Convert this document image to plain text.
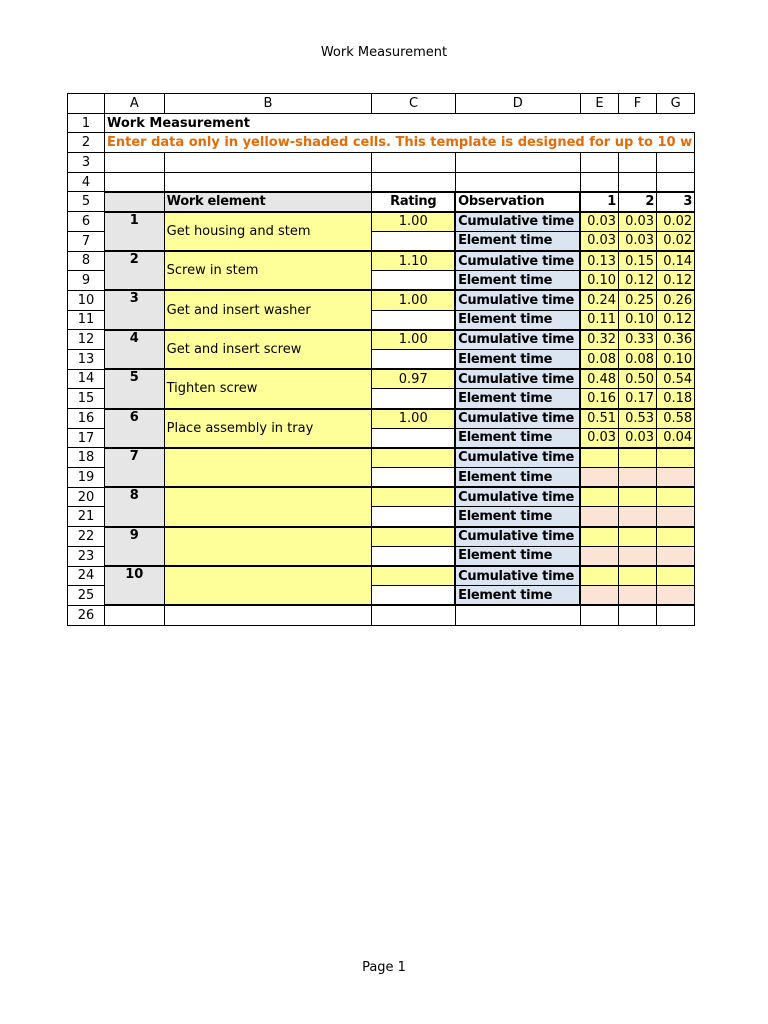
Work Measurement
	A	B	C	D	E	F	G
1	Work Measurement						
2	Enter data only in yellow-shaded cells. This template is designed for up to 10 w						
3							
4							
5		Work element	Rating	Observation	1	2	3
6	1	Get housing and stem	1.00	Cumulative time	0.03	0.03	0.02
7				Element time	0.03	0.03	0.02
8	2	Screw in stem	1.10	Cumulative time	0.13	0.15	0.14
9				Element time	0.10	0.12	0.12
10	3	Get and insert washer	1.00	Cumulative time	0.24	0.25	0.26
11				Element time	0.11	0.10	0.12
12	4	Get and insert screw	1.00	Cumulative time	0.32	0.33	0.36
13				Element time	0.08	0.08	0.10
14	5	Tighten screw	0.97	Cumulative time	0.48	0.50	0.54
15				Element time	0.16	0.17	0.18
16	6	Place assembly in tray	1.00	Cumulative time	0.51	0.53	0.58
17				Element time	0.03	0.03	0.04
18	7			Cumulative time			
19				Element time			
20	8			Cumulative time			
21				Element time			
22	9			Cumulative time			
23				Element time			
24	10			Cumulative time			
25				Element time			
26							
Page 1
